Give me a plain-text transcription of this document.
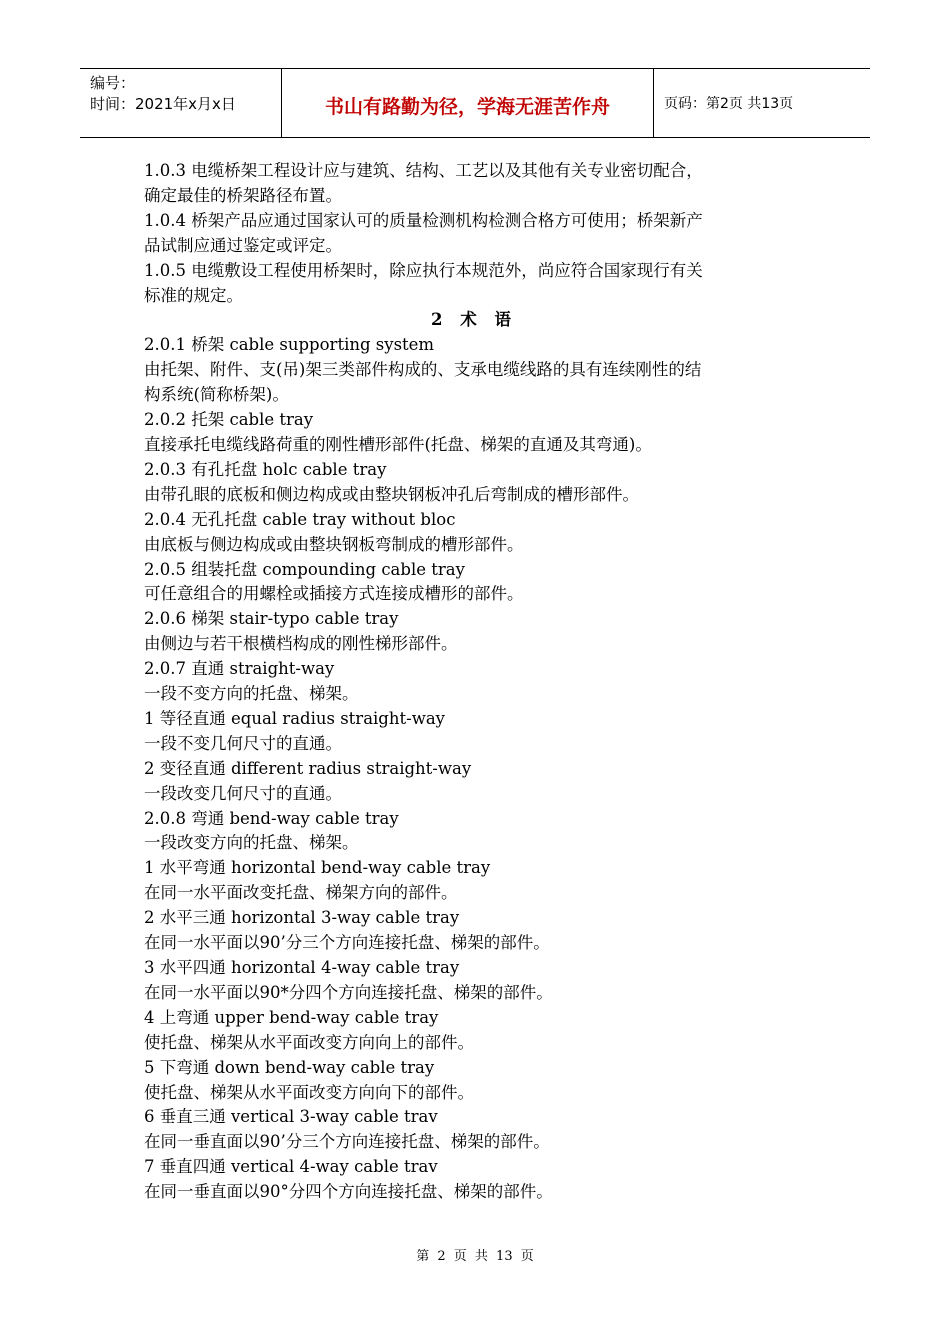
编号：
时间：2021年x月x日	书山有路勤为径，学海无涯苦作舟	页码：第2页 共13页
1.0.3 电缆桥架工程设计应与建筑、结构、工艺以及其他有关专业密切配合，
确定最佳的桥架路径布置。
1.0.4 桥架产品应通过国家认可的质量检测机构检测合格方可使用；桥架新产
品试制应通过鉴定或评定。
1.0.5 电缆敷设工程使用桥架时，除应执行本规范外，尚应符合国家现行有关
标准的规定。
2 术 语
2.0.1 桥架 cable supporting system
由托架、附件、支(吊)架三类部件构成的、支承电缆线路的具有连续刚性的结
构系统(简称桥架)。
2.0.2 托架 cable tray
直接承托电缆线路荷重的刚性槽形部件(托盘、梯架的直通及其弯通)。
2.0.3 有孔托盘 holc cable tray
由带孔眼的底板和侧边构成或由整块钢板冲孔后弯制成的槽形部件。
2.0.4 无孔托盘 cable tray without bloc
由底板与侧边构成或由整块钢板弯制成的槽形部件。
2.0.5 组装托盘 compounding cable tray
可任意组合的用螺栓或插接方式连接成槽形的部件。
2.0.6 梯架 stair-typo cable tray
由侧边与若干根横档构成的刚性梯形部件。
2.0.7 直通 straight-way
一段不变方向的托盘、梯架。
1 等径直通 equal radius straight-way
一段不变几何尺寸的直通。
2 变径直通 different radius straight-way
一段改变几何尺寸的直通。
2.0.8 弯通 bend-way cable tray
一段改变方向的托盘、梯架。
1 水平弯通 horizontal bend-way cable tray
在同一水平面改变托盘、梯架方向的部件。
2 水平三通 horizontal 3-way cable tray
在同一水平面以90’分三个方向连接托盘、梯架的部件。
3 水平四通 horizontal 4-way cable tray
在同一水平面以90*分四个方向连接托盘、梯架的部件。
4 上弯通 upper bend-way cable tray
使托盘、梯架从水平面改变方向向上的部件。
5 下弯通 down bend-way cable tray
使托盘、梯架从水平面改变方向向下的部件。
6 垂直三通 vertical 3-way cable trav
在同一垂直面以90’分三个方向连接托盘、梯架的部件。
7 垂直四通 vertical 4-way cable trav
在同一垂直面以90°分四个方向连接托盘、梯架的部件。
第 2 页 共 13 页
